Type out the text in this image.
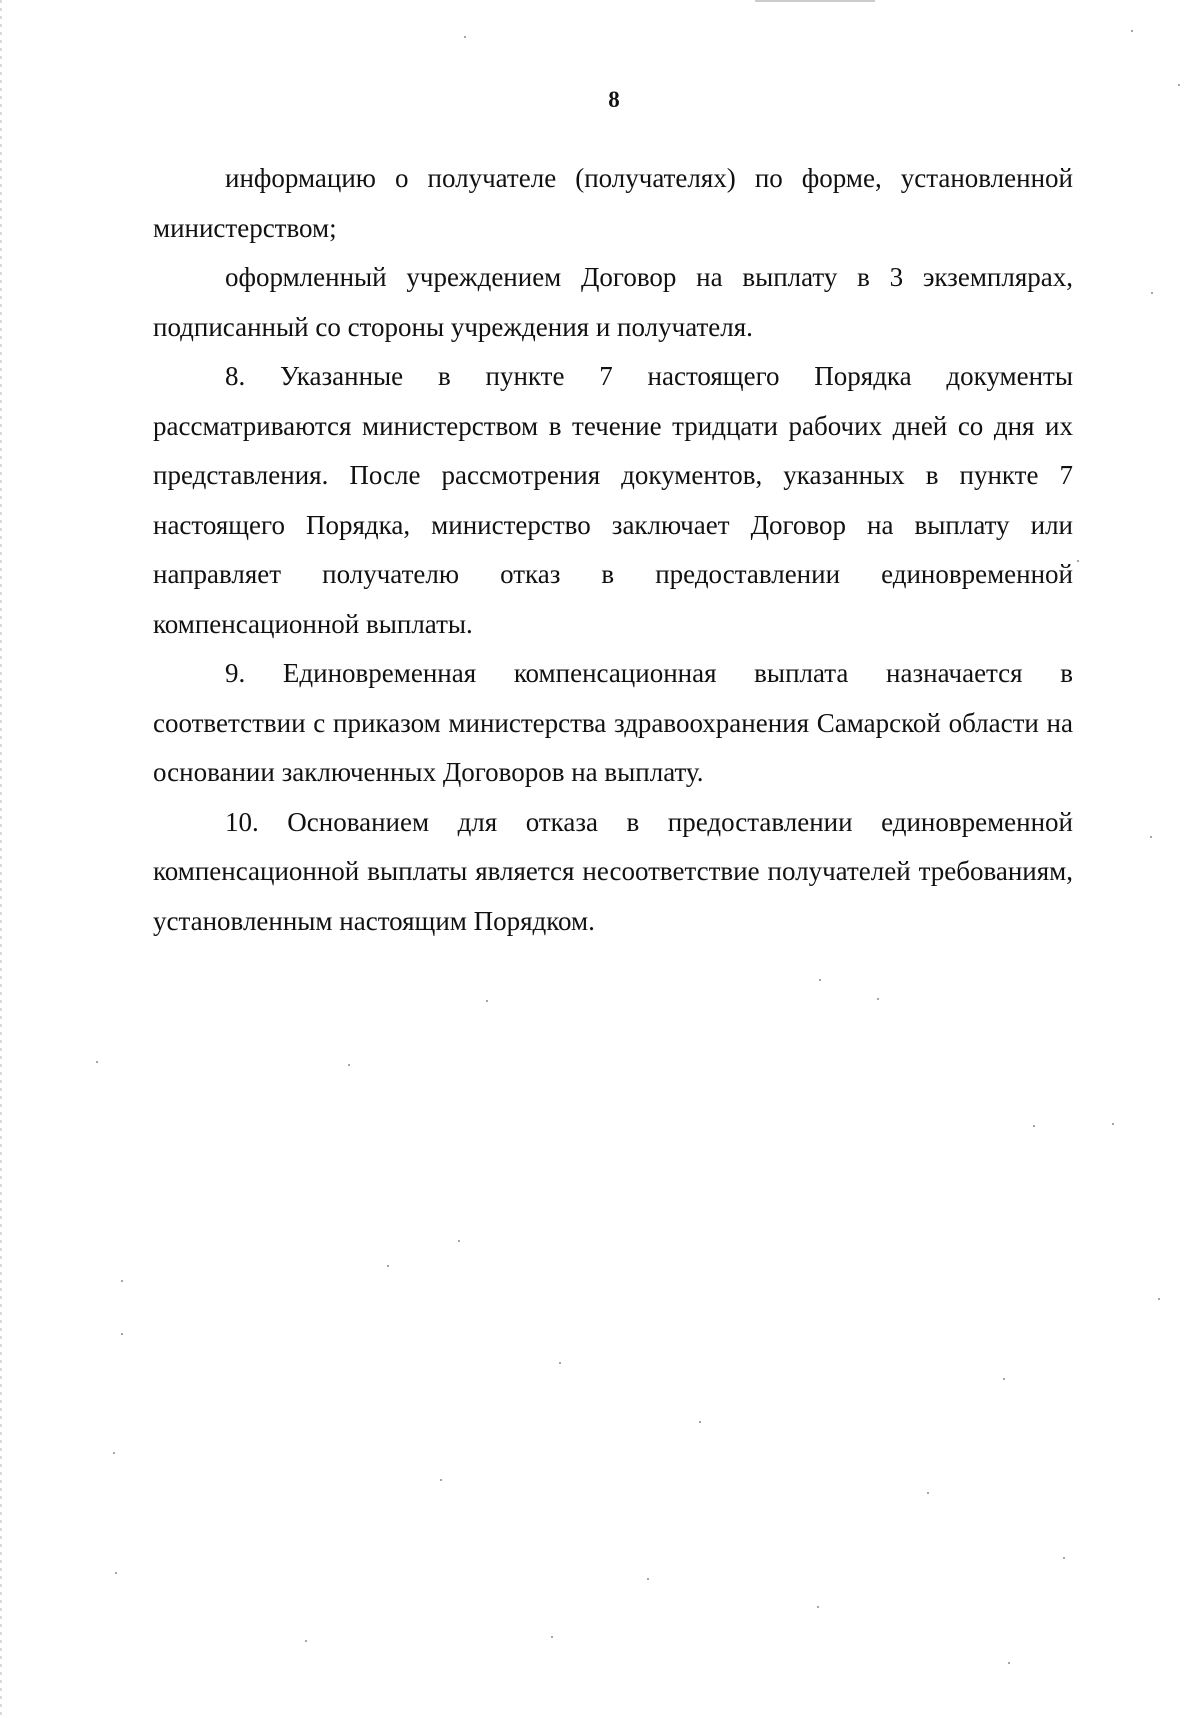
8

информацию о получателе (получателях) по форме, установленной министерством;

оформленный учреждением Договор на выплату в 3 экземплярах, подписанный со стороны учреждения и получателя.

8. Указанные в пункте 7 настоящего Порядка документы рассматриваются министерством в течение тридцати рабочих дней со дня их представления. После рассмотрения документов, указанных в пункте 7 настоящего Порядка, министерство заключает Договор на выплату или направляет получателю отказ в предоставлении единовременной компенсационной выплаты.

9. Единовременная компенсационная выплата назначается в соответствии с приказом министерства здравоохранения Самарской области на основании заключенных Договоров на выплату.

10. Основанием для отказа в предоставлении единовременной компенсационной выплаты является несоответствие получателей требованиям, установленным настоящим Порядком.
